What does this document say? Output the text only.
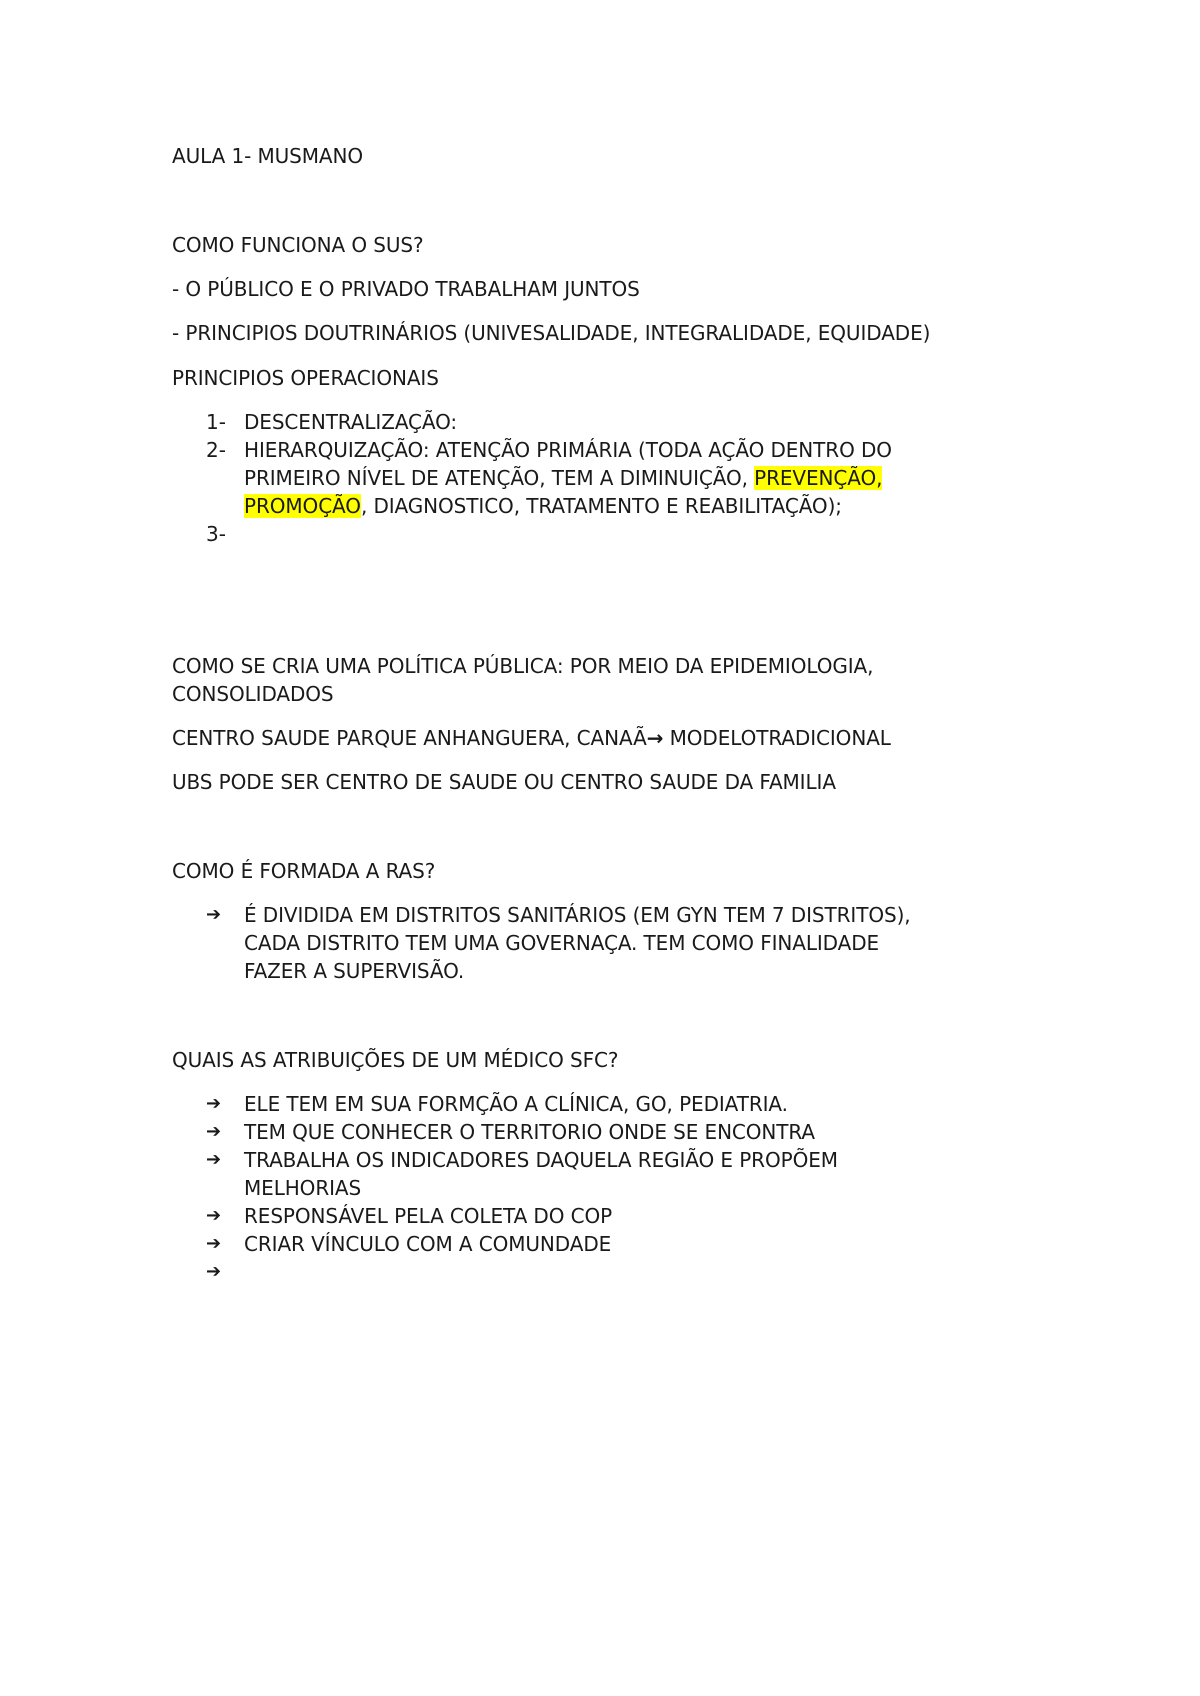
AULA 1- MUSMANO
COMO FUNCIONA O SUS?
- O PÚBLICO E O PRIVADO TRABALHAM JUNTOS
- PRINCIPIOS DOUTRINÁRIOS (UNIVESALIDADE, INTEGRALIDADE, EQUIDADE)
PRINCIPIOS OPERACIONAIS
1- DESCENTRALIZAÇÃO:
2- HIERARQUIZAÇÃO: ATENÇÃO PRIMÁRIA (TODA AÇÃO DENTRO DO
PRIMEIRO NÍVEL DE ATENÇÃO, TEM A DIMINUIÇÃO, PREVENÇÃO,
PROMOÇÃO, DIAGNOSTICO, TRATAMENTO E REABILITAÇÃO);
3-
COMO SE CRIA UMA POLÍTICA PÚBLICA: POR MEIO DA EPIDEMIOLOGIA,
CONSOLIDADOS
CENTRO SAUDE PARQUE ANHANGUERA, CANAÃ→ MODELOTRADICIONAL
UBS PODE SER CENTRO DE SAUDE OU CENTRO SAUDE DA FAMILIA
COMO É FORMADA A RAS?
➔ É DIVIDIDA EM DISTRITOS SANITÁRIOS (EM GYN TEM 7 DISTRITOS),
CADA DISTRITO TEM UMA GOVERNAÇA. TEM COMO FINALIDADE
FAZER A SUPERVISÃO.
QUAIS AS ATRIBUIÇÕES DE UM MÉDICO SFC?
➔ ELE TEM EM SUA FORMÇÃO A CLÍNICA, GO, PEDIATRIA.
➔ TEM QUE CONHECER O TERRITORIO ONDE SE ENCONTRA
➔ TRABALHA OS INDICADORES DAQUELA REGIÃO E PROPÕEM
MELHORIAS
➔ RESPONSÁVEL PELA COLETA DO COP
➔ CRIAR VÍNCULO COM A COMUNDADE
➔
